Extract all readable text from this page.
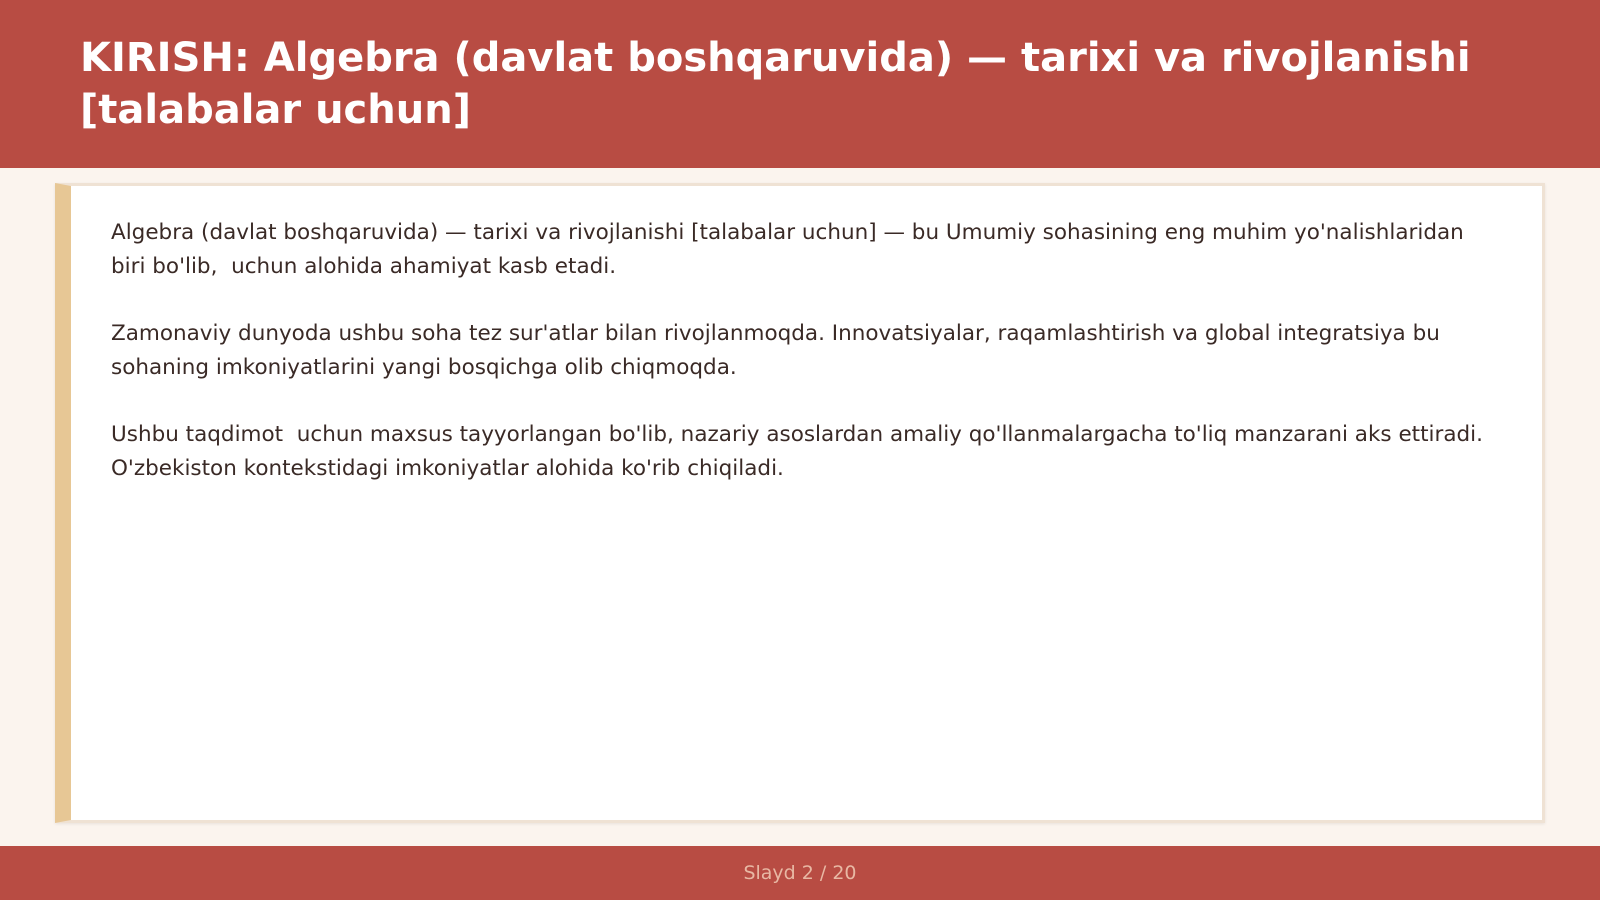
KIRISH: Algebra (davlat boshqaruvida) — tarixi va rivojlanishi [talabalar uchun]

Algebra (davlat boshqaruvida) — tarixi va rivojlanishi [talabalar uchun] — bu Umumiy sohasining eng muhim yo'nalishlaridan biri bo'lib,  uchun alohida ahamiyat kasb etadi.

Zamonaviy dunyoda ushbu soha tez sur'atlar bilan rivojlanmoqda. Innovatsiyalar, raqamlashtirish va global integratsiya bu sohaning imkoniyatlarini yangi bosqichga olib chiqmoqda.

Ushbu taqdimot  uchun maxsus tayyorlangan bo'lib, nazariy asoslardan amaliy qo'llanmalargacha to'liq manzarani aks ettiradi. O'zbekiston kontekstidagi imkoniyatlar alohida ko'rib chiqiladi.

Slayd 2 / 20
